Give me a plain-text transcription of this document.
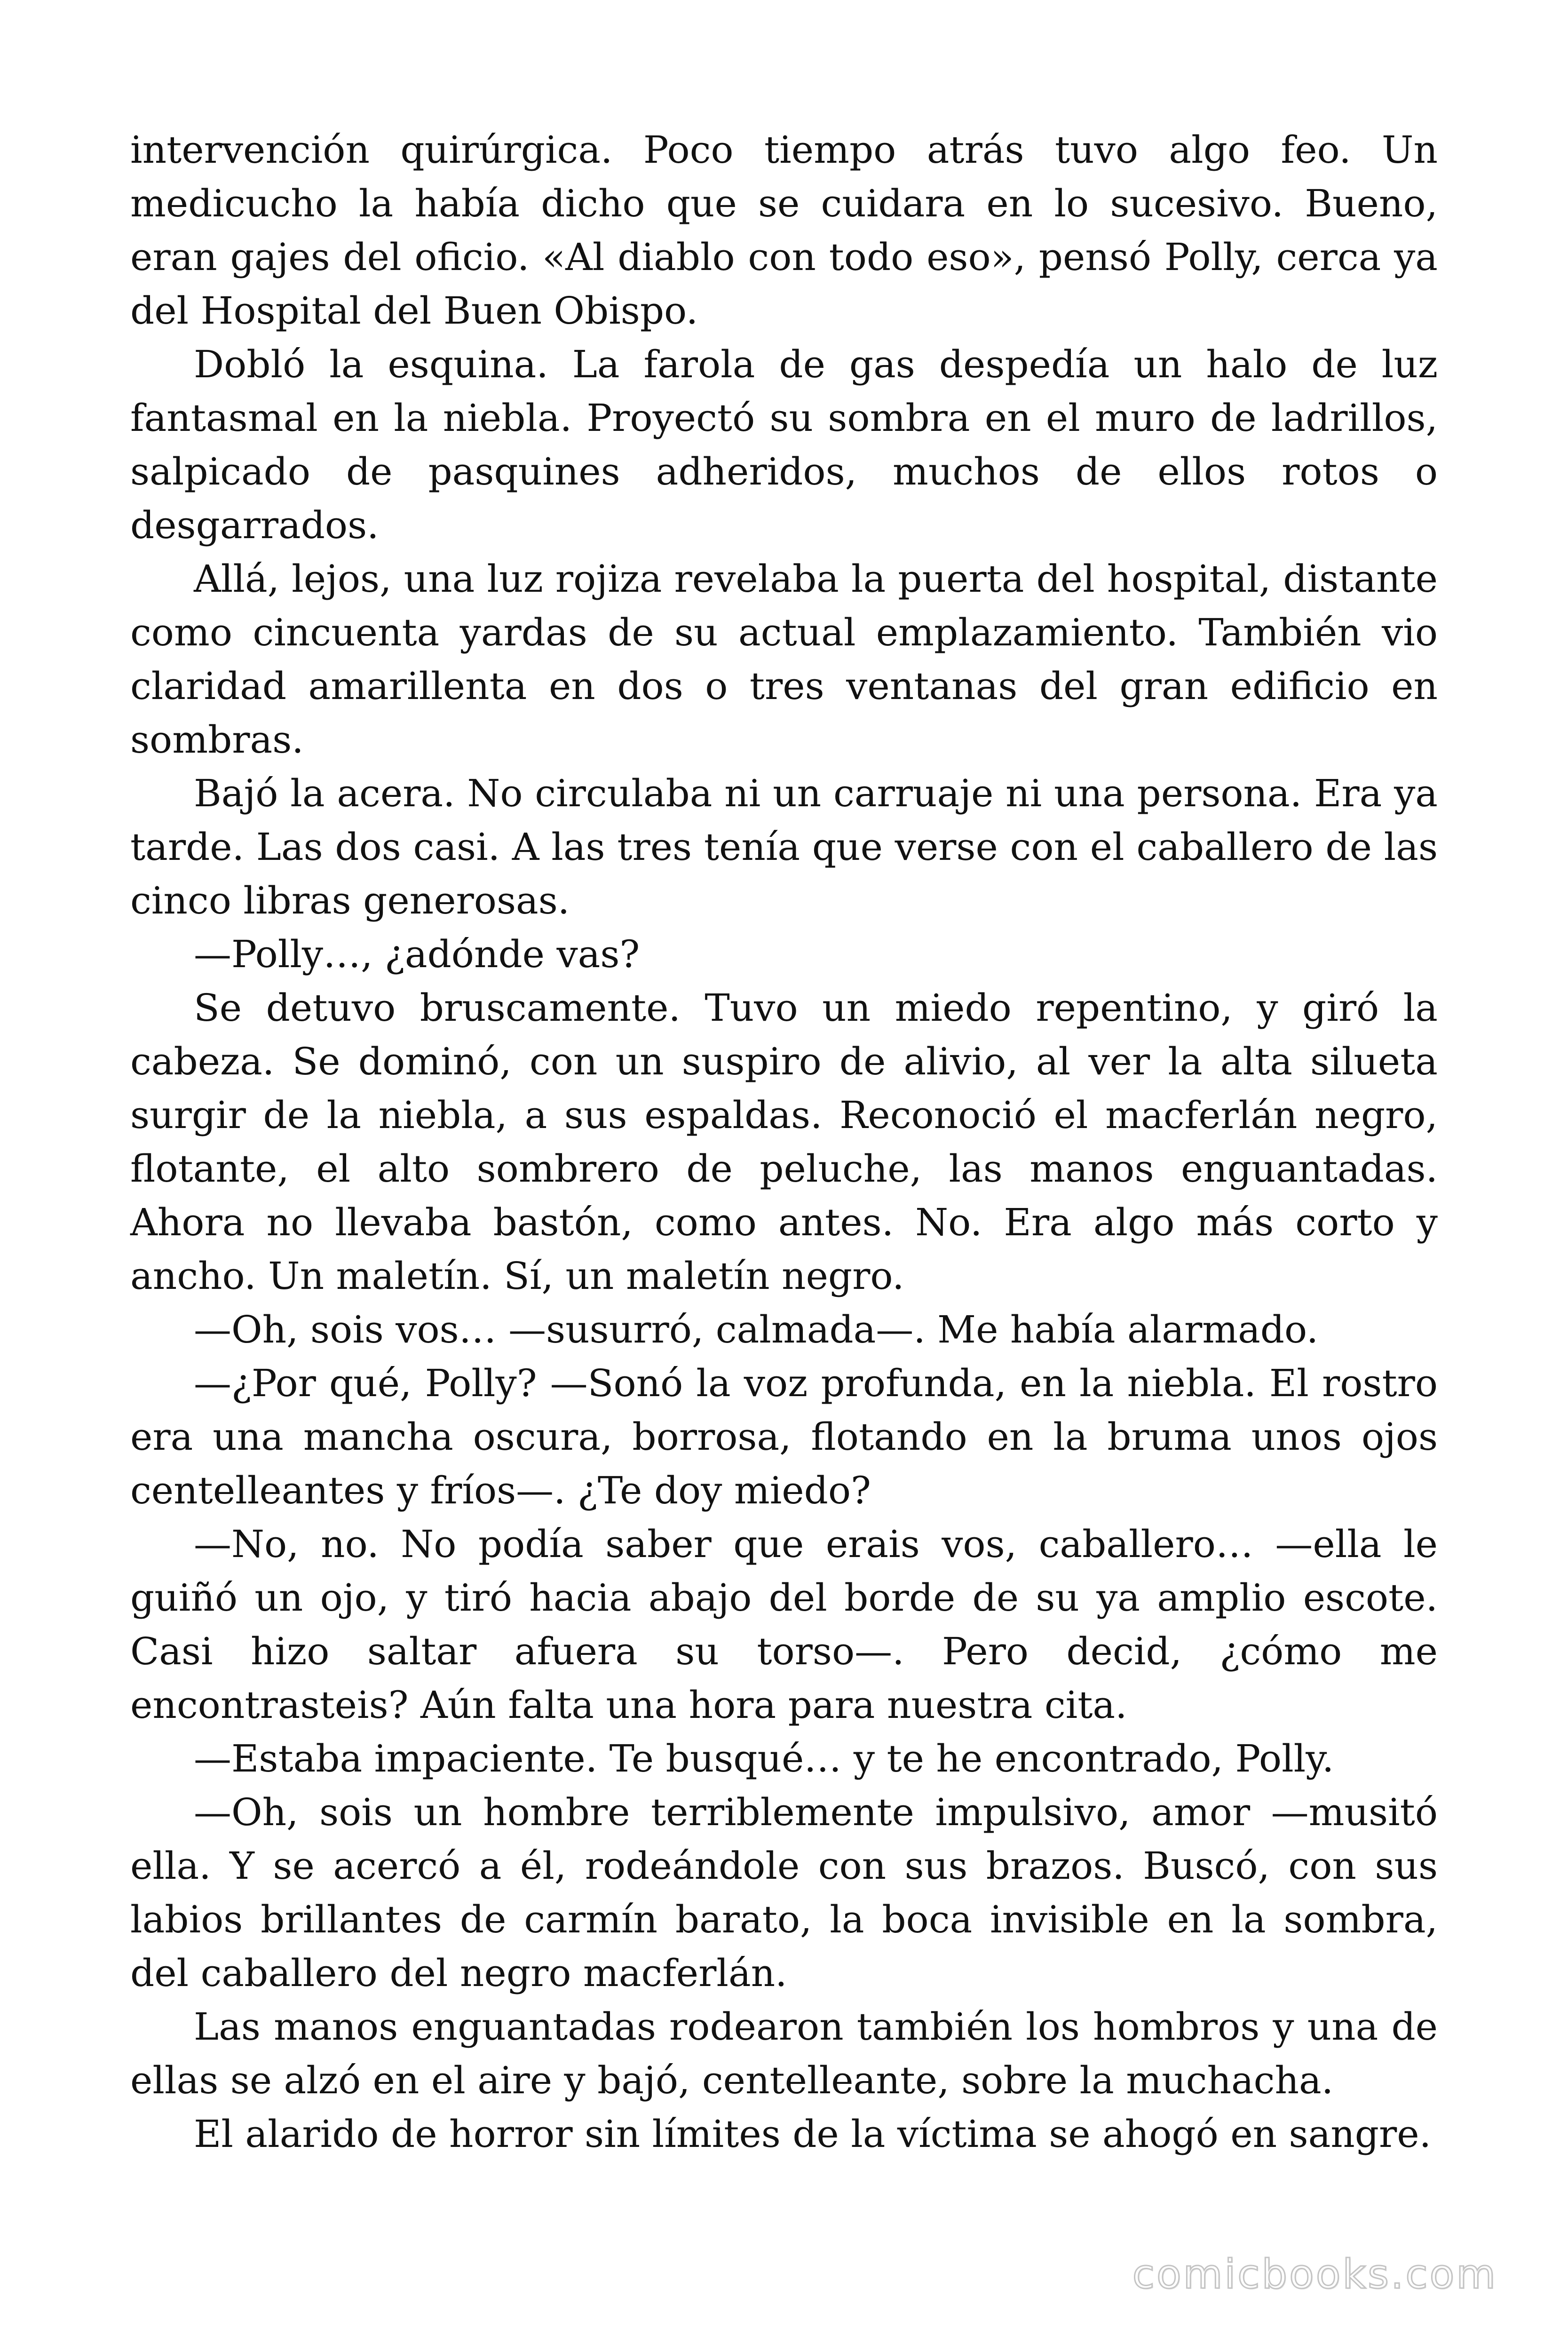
intervención quirúrgica. Poco tiempo atrás tuvo algo feo. Un medicucho la había dicho que se cuidara en lo sucesivo. Bueno, eran gajes del oficio. «Al diablo con todo eso», pensó Polly, cerca ya del Hospital del Buen Obispo.

Dobló la esquina. La farola de gas despedía un halo de luz fantasmal en la niebla. Proyectó su sombra en el muro de ladrillos, salpicado de pasquines adheridos, muchos de ellos rotos o desgarrados.

Allá, lejos, una luz rojiza revelaba la puerta del hospital, distante como cincuenta yardas de su actual emplazamiento. También vio claridad amarillenta en dos o tres ventanas del gran edificio en sombras.

Bajó la acera. No circulaba ni un carruaje ni una persona. Era ya tarde. Las dos casi. A las tres tenía que verse con el caballero de las cinco libras generosas.

—Polly…, ¿adónde vas?

Se detuvo bruscamente. Tuvo un miedo repentino, y giró la cabeza. Se dominó, con un suspiro de alivio, al ver la alta silueta surgir de la niebla, a sus espaldas. Reconoció el macferlán negro, flotante, el alto sombrero de peluche, las manos enguantadas. Ahora no llevaba bastón, como antes. No. Era algo más corto y ancho. Un maletín. Sí, un maletín negro.

—Oh, sois vos… —susurró, calmada—. Me había alarmado.

—¿Por qué, Polly? —Sonó la voz profunda, en la niebla. El rostro era una mancha oscura, borrosa, flotando en la bruma unos ojos centelleantes y fríos—. ¿Te doy miedo?

—No, no. No podía saber que erais vos, caballero… —ella le guiñó un ojo, y tiró hacia abajo del borde de su ya amplio escote. Casi hizo saltar afuera su torso—. Pero decid, ¿cómo me encontrasteis? Aún falta una hora para nuestra cita.

—Estaba impaciente. Te busqué… y te he encontrado, Polly.

—Oh, sois un hombre terriblemente impulsivo, amor —musitó ella. Y se acercó a él, rodeándole con sus brazos. Buscó, con sus labios brillantes de carmín barato, la boca invisible en la sombra, del caballero del negro macferlán.

Las manos enguantadas rodearon también los hombros y una de ellas se alzó en el aire y bajó, centelleante, sobre la muchacha.

El alarido de horror sin límites de la víctima se ahogó en sangre.

comicbooks.com
